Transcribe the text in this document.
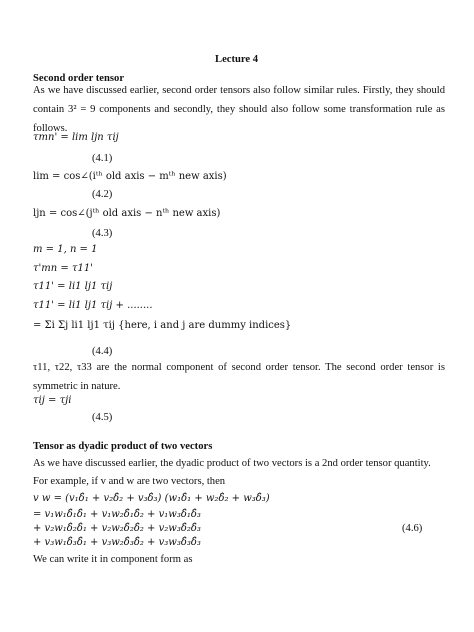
Lecture 4
Second order tensor
As we have discussed earlier, second order tensors also follow similar rules. Firstly, they should contain 3² = 9 components and secondly, they should also follow some transformation rule as follows.
τmn' = lim ljn τij
(4.1)
lim = cos∠(iᵗʰ old axis − mᵗʰ new axis)
(4.2)
ljn = cos∠(jᵗʰ old axis − nᵗʰ new axis)
(4.3)
m = 1, n = 1
τ'mn = τ11'
τ11' = li1 lj1 τij
τ11' = li1 lj1 τij + ........
= Σi Σj li1 lj1 τij {here, i and j are dummy indices}
(4.4)
τ11, τ22, τ33 are the normal component of second order tensor. The second order tensor is symmetric in nature.
τij = τji
(4.5)
Tensor as dyadic product of two vectors
As we have discussed earlier, the dyadic product of two vectors is a 2nd order tensor quantity.
For example, if v and w are two vectors, then
v w = (v₁δ̂₁ + v₂δ̂₂ + v₃δ̂₃) (w₁δ̂₁ + w₂δ̂₂ + w₃δ̂₃)
= v₁w₁δ̂₁δ̂₁ + v₁w₂δ̂₁δ̂₂ + v₁w₃δ̂₁δ̂₃
+ v₂w₁δ̂₂δ̂₁ + v₂w₂δ̂₂δ̂₂ + v₂w₃δ̂₂δ̂₃
+ v₃w₁δ̂₃δ̂₁ + v₃w₂δ̂₃δ̂₂ + v₃w₃δ̂₃δ̂₃
(4.6)
We can write it in component form as
